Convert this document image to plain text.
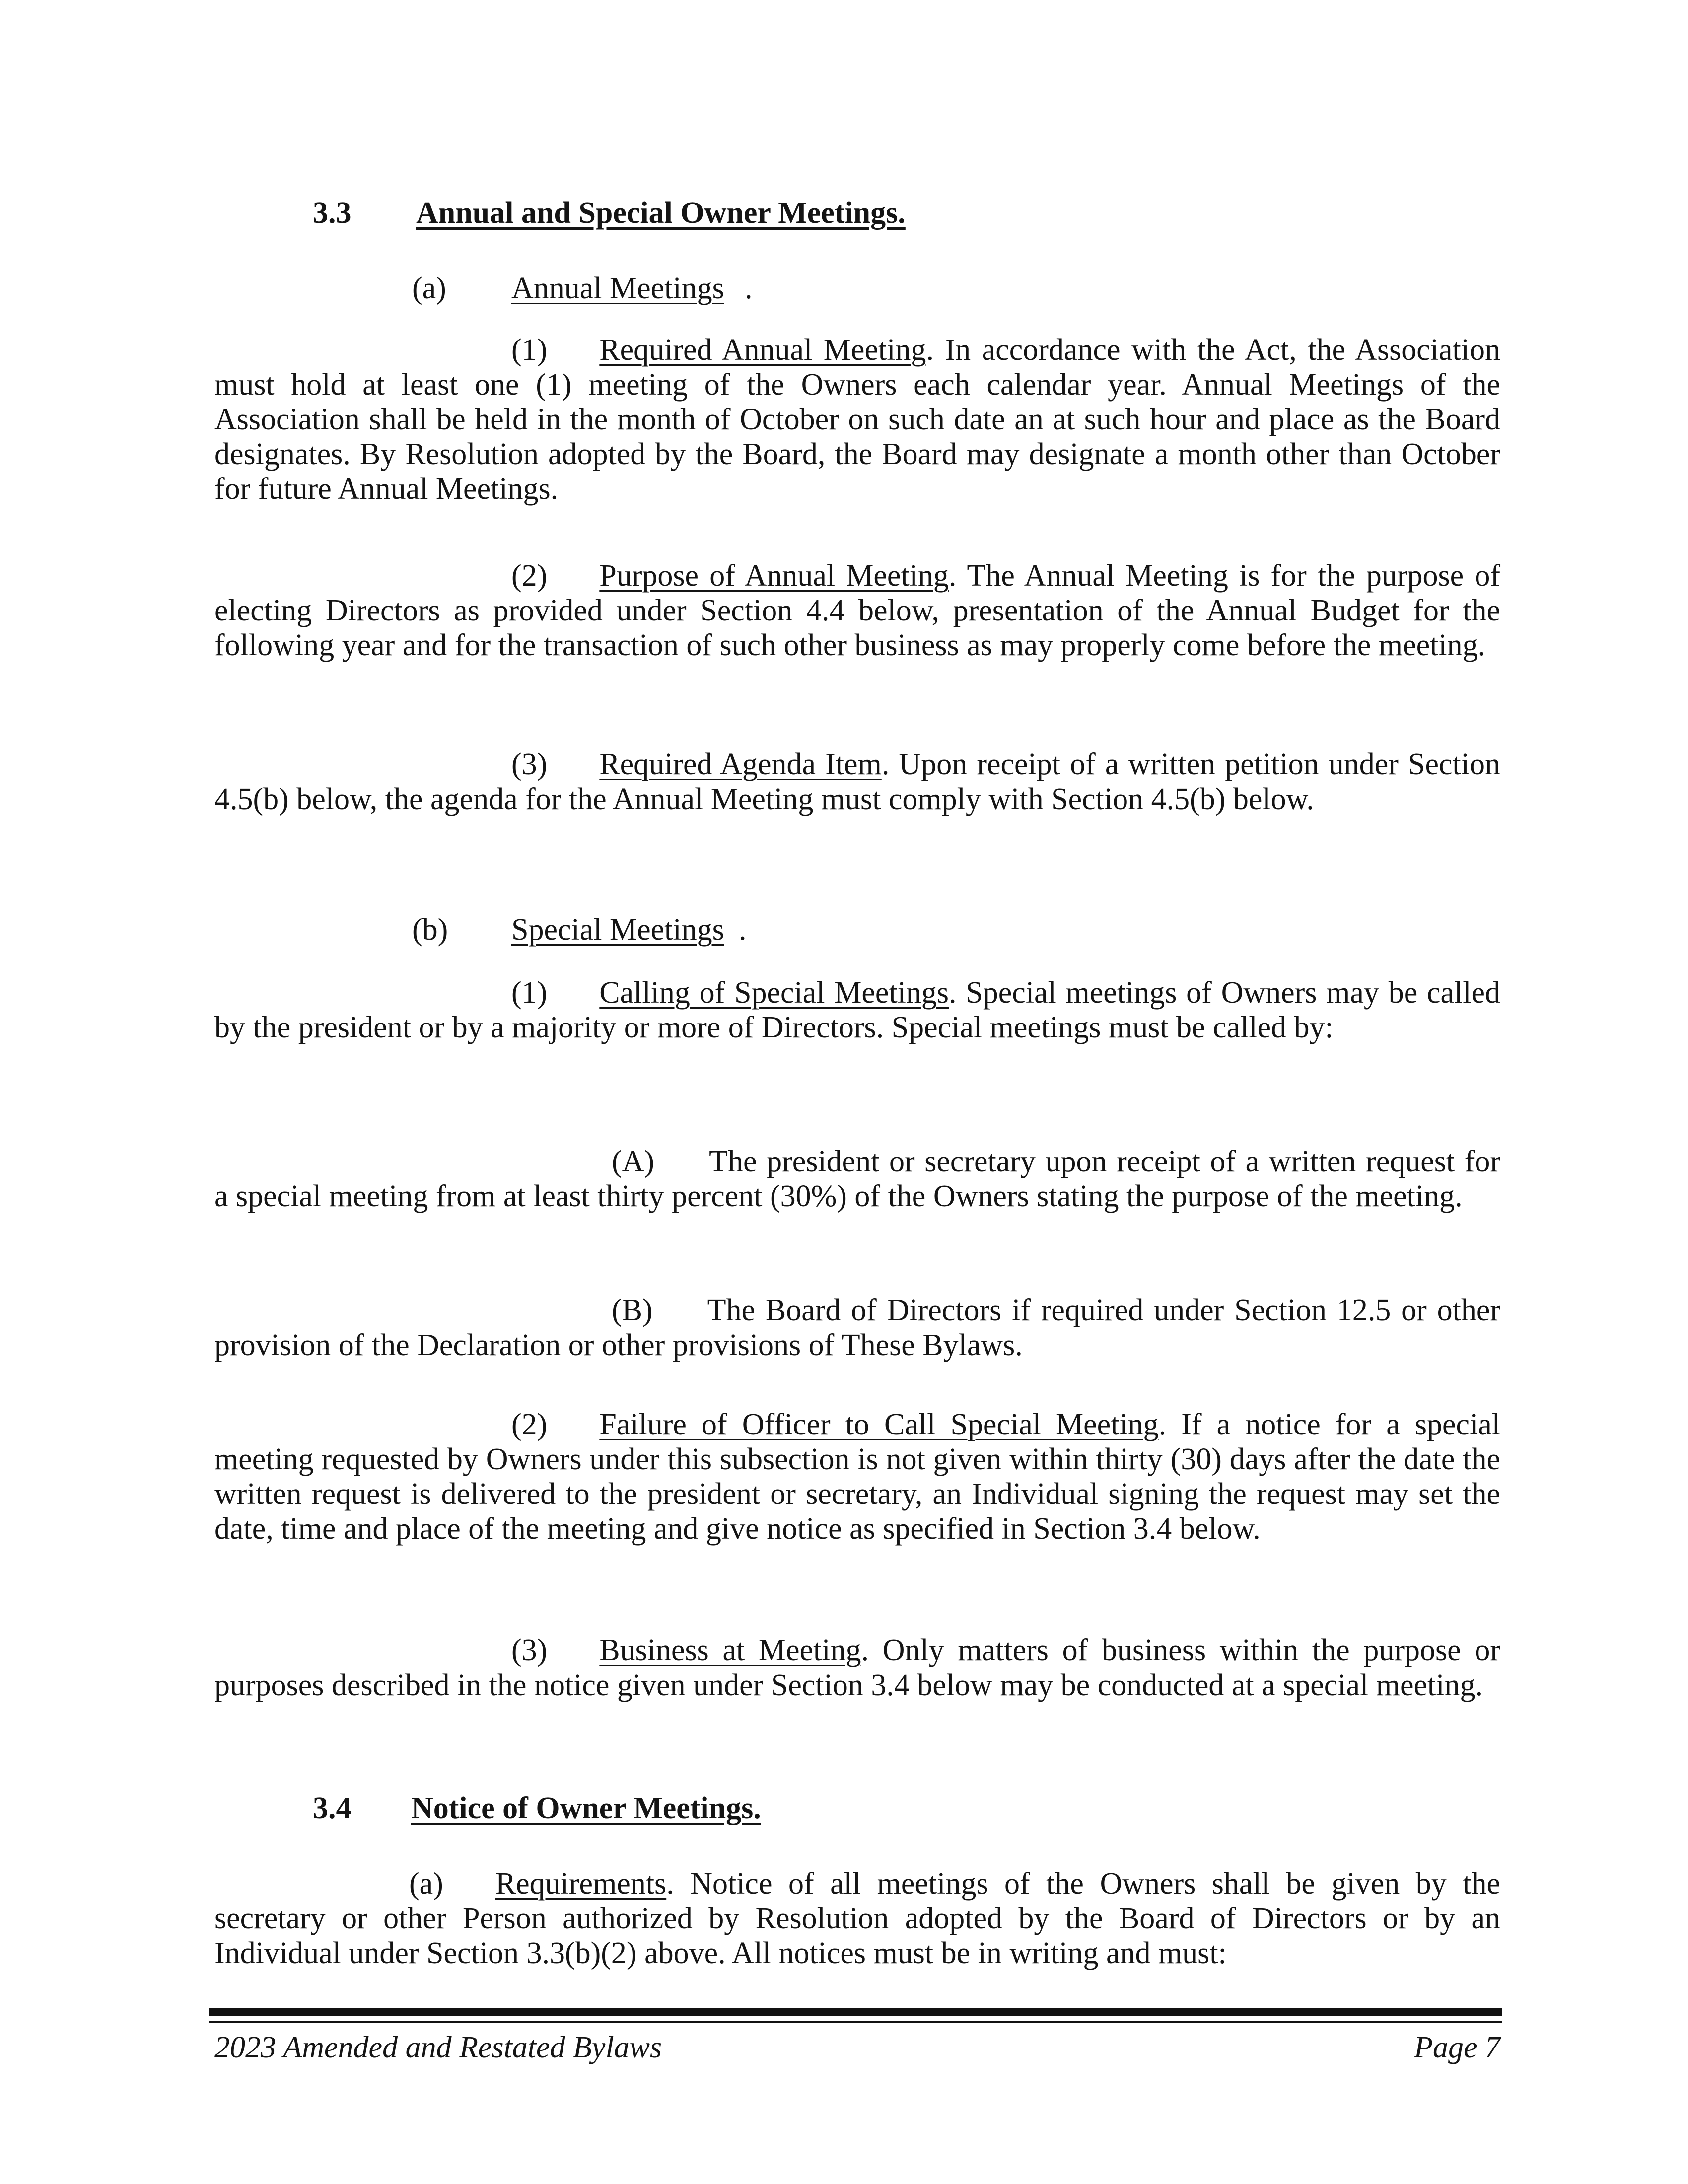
3.3 Annual and Special Owner Meetings.
(a) Annual Meetings .

(1) Required Annual Meeting. In accordance with the Act, the Association must hold at least one (1) meeting of the Owners each calendar year. Annual Meetings of the Association shall be held in the month of October on such date an at such hour and place as the Board designates. By Resolution adopted by the Board, the Board may designate a month other than October for future Annual Meetings.

(2) Purpose of Annual Meeting. The Annual Meeting is for the purpose of electing Directors as provided under Section 4.4 below, presentation of the Annual Budget for the following year and for the transaction of such other business as may properly come before the meeting.

(3) Required Agenda Item. Upon receipt of a written petition under Section 4.5(b) below, the agenda for the Annual Meeting must comply with Section 4.5(b) below.

(b) Special Meetings .

(1) Calling of Special Meetings. Special meetings of Owners may be called by the president or by a majority or more of Directors. Special meetings must be called by:

(A) The president or secretary upon receipt of a written request for a special meeting from at least thirty percent (30%) of the Owners stating the purpose of the meeting.

(B) The Board of Directors if required under Section 12.5 or other provision of the Declaration or other provisions of These Bylaws.

(2) Failure of Officer to Call Special Meeting. If a notice for a special meeting requested by Owners under this subsection is not given within thirty (30) days after the date the written request is delivered to the president or secretary, an Individual signing the request may set the date, time and place of the meeting and give notice as specified in Section 3.4 below.

(3) Business at Meeting. Only matters of business within the purpose or purposes described in the notice given under Section 3.4 below may be conducted at a special meeting.

3.4 Notice of Owner Meetings.

(a) Requirements. Notice of all meetings of the Owners shall be given by the secretary or other Person authorized by Resolution adopted by the Board of Directors or by an Individual under Section 3.3(b)(2) above. All notices must be in writing and must:

2023 Amended and Restated Bylaws	Page 7
